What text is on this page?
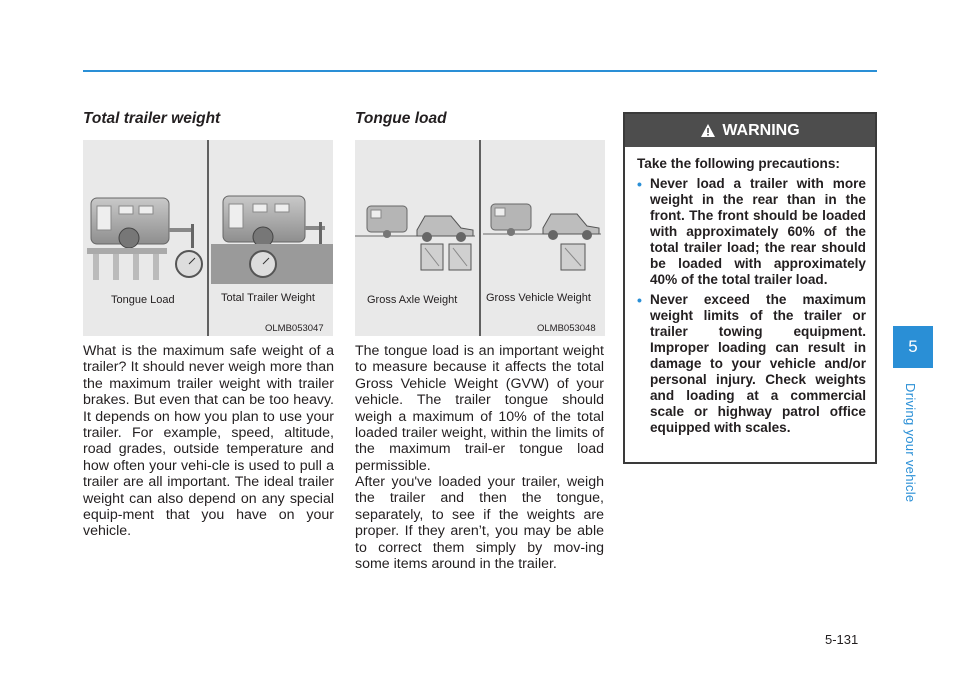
Total trailer weight
Tongue Load	Total Trailer Weight
OLMB053047

What is the maximum safe weight of a trailer? It should never weigh more than the maximum trailer weight with trailer brakes. But even that can be too heavy. It depends on how you plan to use your trailer. For example, speed, altitude, road grades, outside temperature and how often your vehi-cle is used to pull a trailer are all important. The ideal trailer weight can also depend on any special equip-ment that you have on your vehicle.

Tongue load
Gross Axle Weight	Gross Vehicle Weight
OLMB053048

The tongue load is an important weight to measure because it affects the total Gross Vehicle Weight (GVW) of your vehicle. The trailer tongue should weigh a maximum of 10% of the total loaded trailer weight, within the limits of the maximum trail-er tongue load permissible.

After you've loaded your trailer, weigh the trailer and then the tongue, separately, to see if the weights are proper. If they aren’t, you may be able to correct them simply by mov-ing some items around in the trailer.

WARNING
Take the following precautions:
• Never load a trailer with more weight in the rear than in the front. The front should be loaded with approximately 60% of the total trailer load; the rear should be loaded with approximately 40% of the total trailer load.
• Never exceed the maximum weight limits of the trailer or trailer towing equipment. Improper loading can result in damage to your vehicle and/or personal injury. Check weights and loading at a commercial scale or highway patrol office equipped with scales.
5
Driving your vehicle
5-131
